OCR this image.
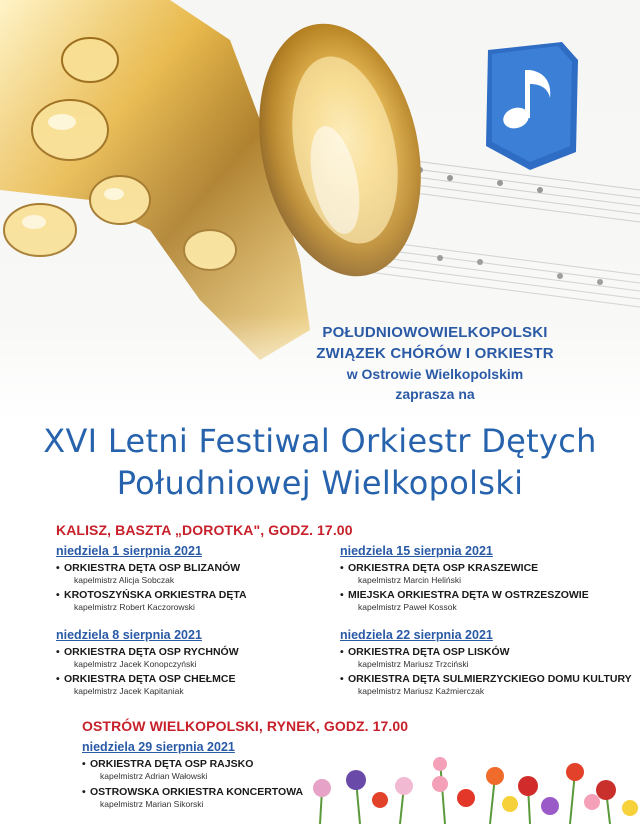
POŁUDNIOWOWIELKOPOLSKI
ZWIĄZEK CHÓRÓW I ORKIESTR
w Ostrowie Wielkopolskim
zaprasza na
XVI Letni Festiwal Orkiestr Dętych
Południowej Wielkopolski
KALISZ, BASZTA „DOROTKA", GODZ. 17.00
niedziela 1 sierpnia 2021
• ORKIESTRA DĘTA OSP BLIZANÓW
kapelmistrz Alicja Sobczak
• KROTOSZYŃSKA ORKIESTRA DĘTA
kapelmistrz Robert Kaczorowski
niedziela 8 sierpnia 2021
• ORKIESTRA DĘTA OSP RYCHNÓW
kapelmistrz Jacek Konopczyński
• ORKIESTRA DĘTA OSP CHEŁMCE
kapelmistrz Jacek Kapitaniak
niedziela 15 sierpnia 2021
• ORKIESTRA DĘTA OSP KRASZEWICE
kapelmistrz Marcin Heliński
• MIEJSKA ORKIESTRA DĘTA W OSTRZESZOWIE
kapelmistrz Paweł Kossok
niedziela 22 sierpnia 2021
• ORKIESTRA DĘTA OSP LISKÓW
kapelmistrz Mariusz Trzciński
• ORKIESTRA DĘTA SULMIERZYCKIEGO DOMU KULTURY
kapelmistrz Mariusz Kaźmierczak
OSTRÓW WIELKOPOLSKI, RYNEK, GODZ. 17.00
niedziela 29 sierpnia 2021
• ORKIESTRA DĘTA OSP RAJSKO
kapelmistrz Adrian Wałowski
• OSTROWSKA ORKIESTRA KONCERTOWA
kapelmistrz Marian Sikorski
